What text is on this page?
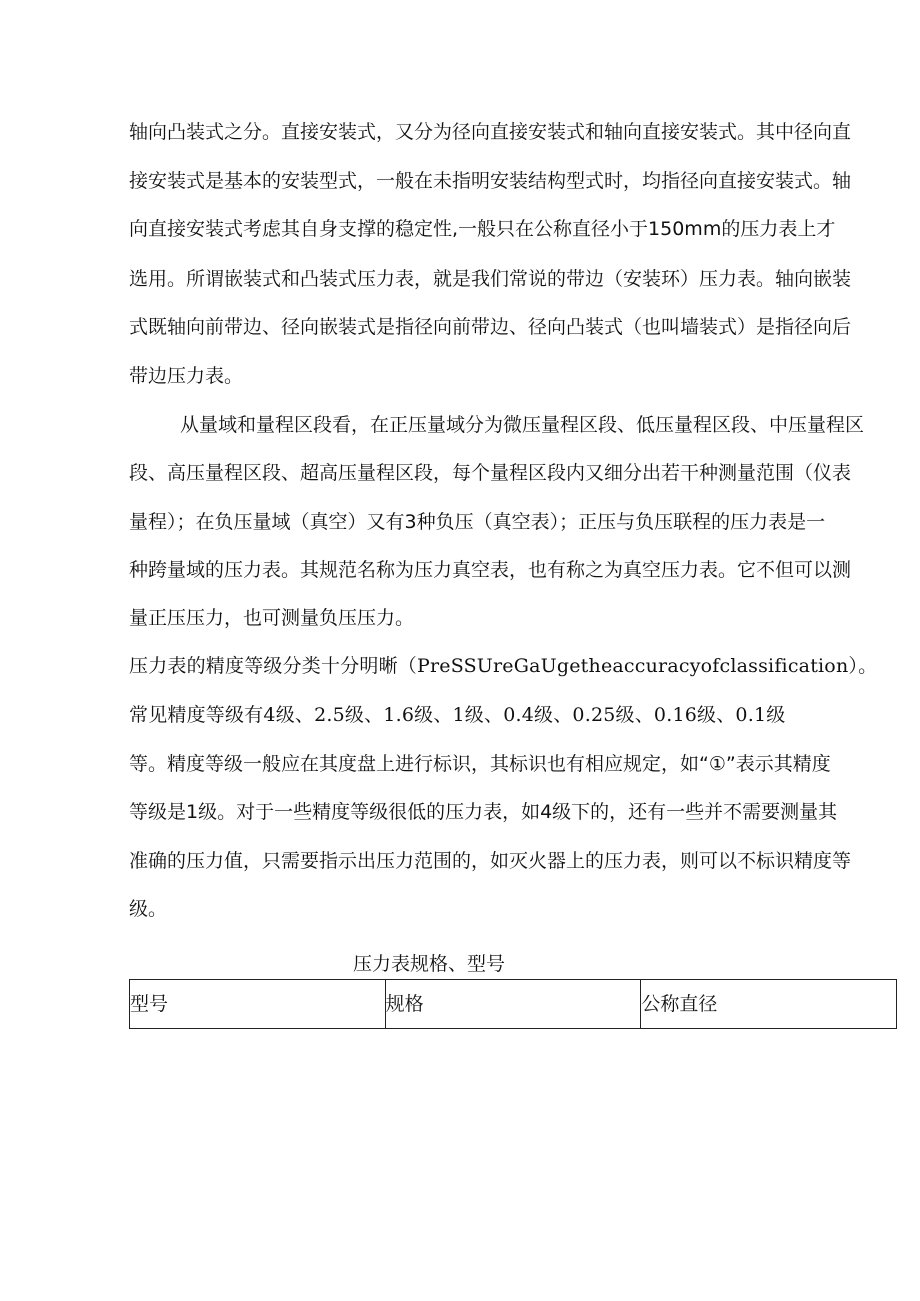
轴向凸装式之分。直接安装式，又分为径向直接安装式和轴向直接安装式。其中径向直
接安装式是基本的安装型式，一般在未指明安装结构型式时，均指径向直接安装式。轴
向直接安装式考虑其自身支撑的稳定性,一般只在公称直径小于150mm的压力表上才
选用。所谓嵌装式和凸装式压力表，就是我们常说的带边（安装环）压力表。轴向嵌装
式既轴向前带边、径向嵌装式是指径向前带边、径向凸装式（也叫墙装式）是指径向后
带边压力表。
从量域和量程区段看，在正压量域分为微压量程区段、低压量程区段、中压量程区
段、高压量程区段、超高压量程区段，每个量程区段内又细分出若干种测量范围（仪表
量程）；在负压量域（真空）又有3种负压（真空表）；正压与负压联程的压力表是一
种跨量域的压力表。其规范名称为压力真空表，也有称之为真空压力表。它不但可以测
量正压压力，也可测量负压压力。
压力表的精度等级分类十分明晰（PreSSUreGaUgetheaccuracyofclassification）。
常见精度等级有4级、2.5级、1.6级、1级、0.4级、0.25级、0.16级、0.1级
等。精度等级一般应在其度盘上进行标识，其标识也有相应规定，如“①”表示其精度
等级是1级。对于一些精度等级很低的压力表，如4级下的，还有一些并不需要测量其
准确的压力值，只需要指示出压力范围的，如灭火器上的压力表，则可以不标识精度等
级。
压力表规格、型号
型号	规格	公称直径
